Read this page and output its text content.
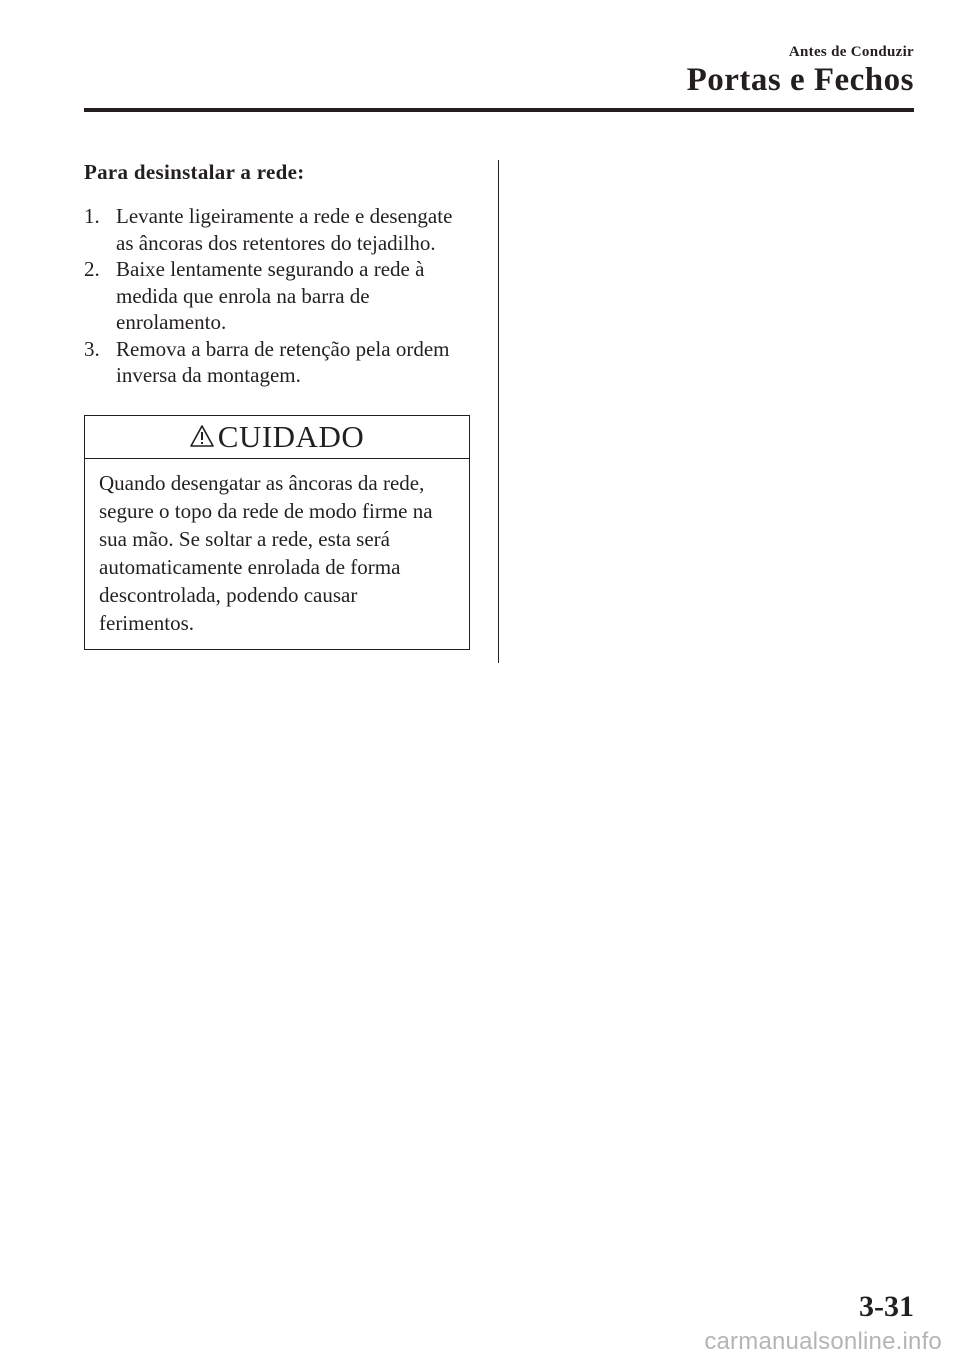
Antes de Conduzir
Portas e Fechos
Para desinstalar a rede:
1. Levante ligeiramente a rede e desengate as âncoras dos retentores do tejadilho.
2. Baixe lentamente segurando a rede à medida que enrola na barra de enrolamento.
3. Remova a barra de retenção pela ordem inversa da montagem.
CUIDADO
Quando desengatar as âncoras da rede, segure o topo da rede de modo firme na sua mão. Se soltar a rede, esta será automaticamente enrolada de forma descontrolada, podendo causar ferimentos.
3-31
carmanualsonline.info
